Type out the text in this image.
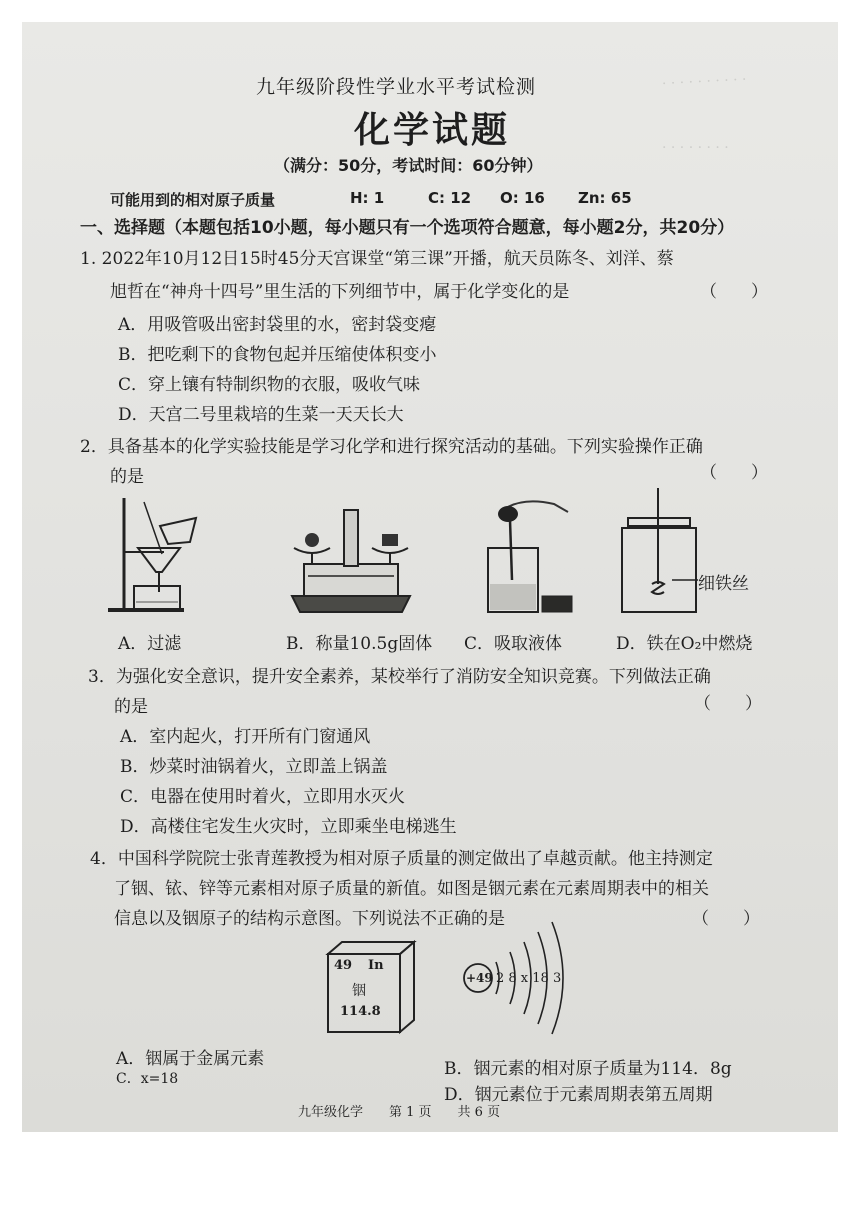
· · · · · · · · · ·
· · · · · · · ·
九年级阶段性学业水平考试检测
化学试题
（满分：50分，考试时间：60分钟）
可能用到的相对原子质量	H: 1	C: 12 O: 16 Zn: 65
一、选择题（本题包括10小题，每小题只有一个选项符合题意，每小题2分，共20分）
1. 2022年10月12日15时45分天宫课堂“第三课”开播，航天员陈冬、刘洋、蔡
旭哲在“神舟十四号”里生活的下列细节中，属于化学变化的是	（　　）
A．用吸管吸出密封袋里的水，密封袋变瘪
B．把吃剩下的食物包起并压缩使体积变小
C．穿上镶有特制织物的衣服，吸收气味
D．天宫二号里栽培的生菜一天天长大
2．具备基本的化学实验技能是学习化学和进行探究活动的基础。下列实验操作正确
的是	（　　）
细铁丝
A．过滤	B．称量10.5g固体 C．吸取液体	D．铁在O₂中燃烧
3．为强化安全意识，提升安全素养，某校举行了消防安全知识竞赛。下列做法正确
的是	（　　）
A．室内起火，打开所有门窗通风
B．炒菜时油锅着火，立即盖上锅盖
C．电器在使用时着火，立即用水灭火
D．高楼住宅发生火灾时，立即乘坐电梯逃生
4．中国科学院院士张青莲教授为相对原子质量的测定做出了卓越贡献。他主持测定
了铟、铱、锌等元素相对原子质量的新值。如图是铟元素在元素周期表中的相关
信息以及铟原子的结构示意图。下列说法不正确的是	（　　）
49 In
铟
114.8
+49 2 8 x 18 3
A．铟属于金属元素	B．铟元素的相对原子质量为114．8g
C．x=18
D．铟元素位于元素周期表第五周期
九年级化学　　第 1 页　　共 6 页
